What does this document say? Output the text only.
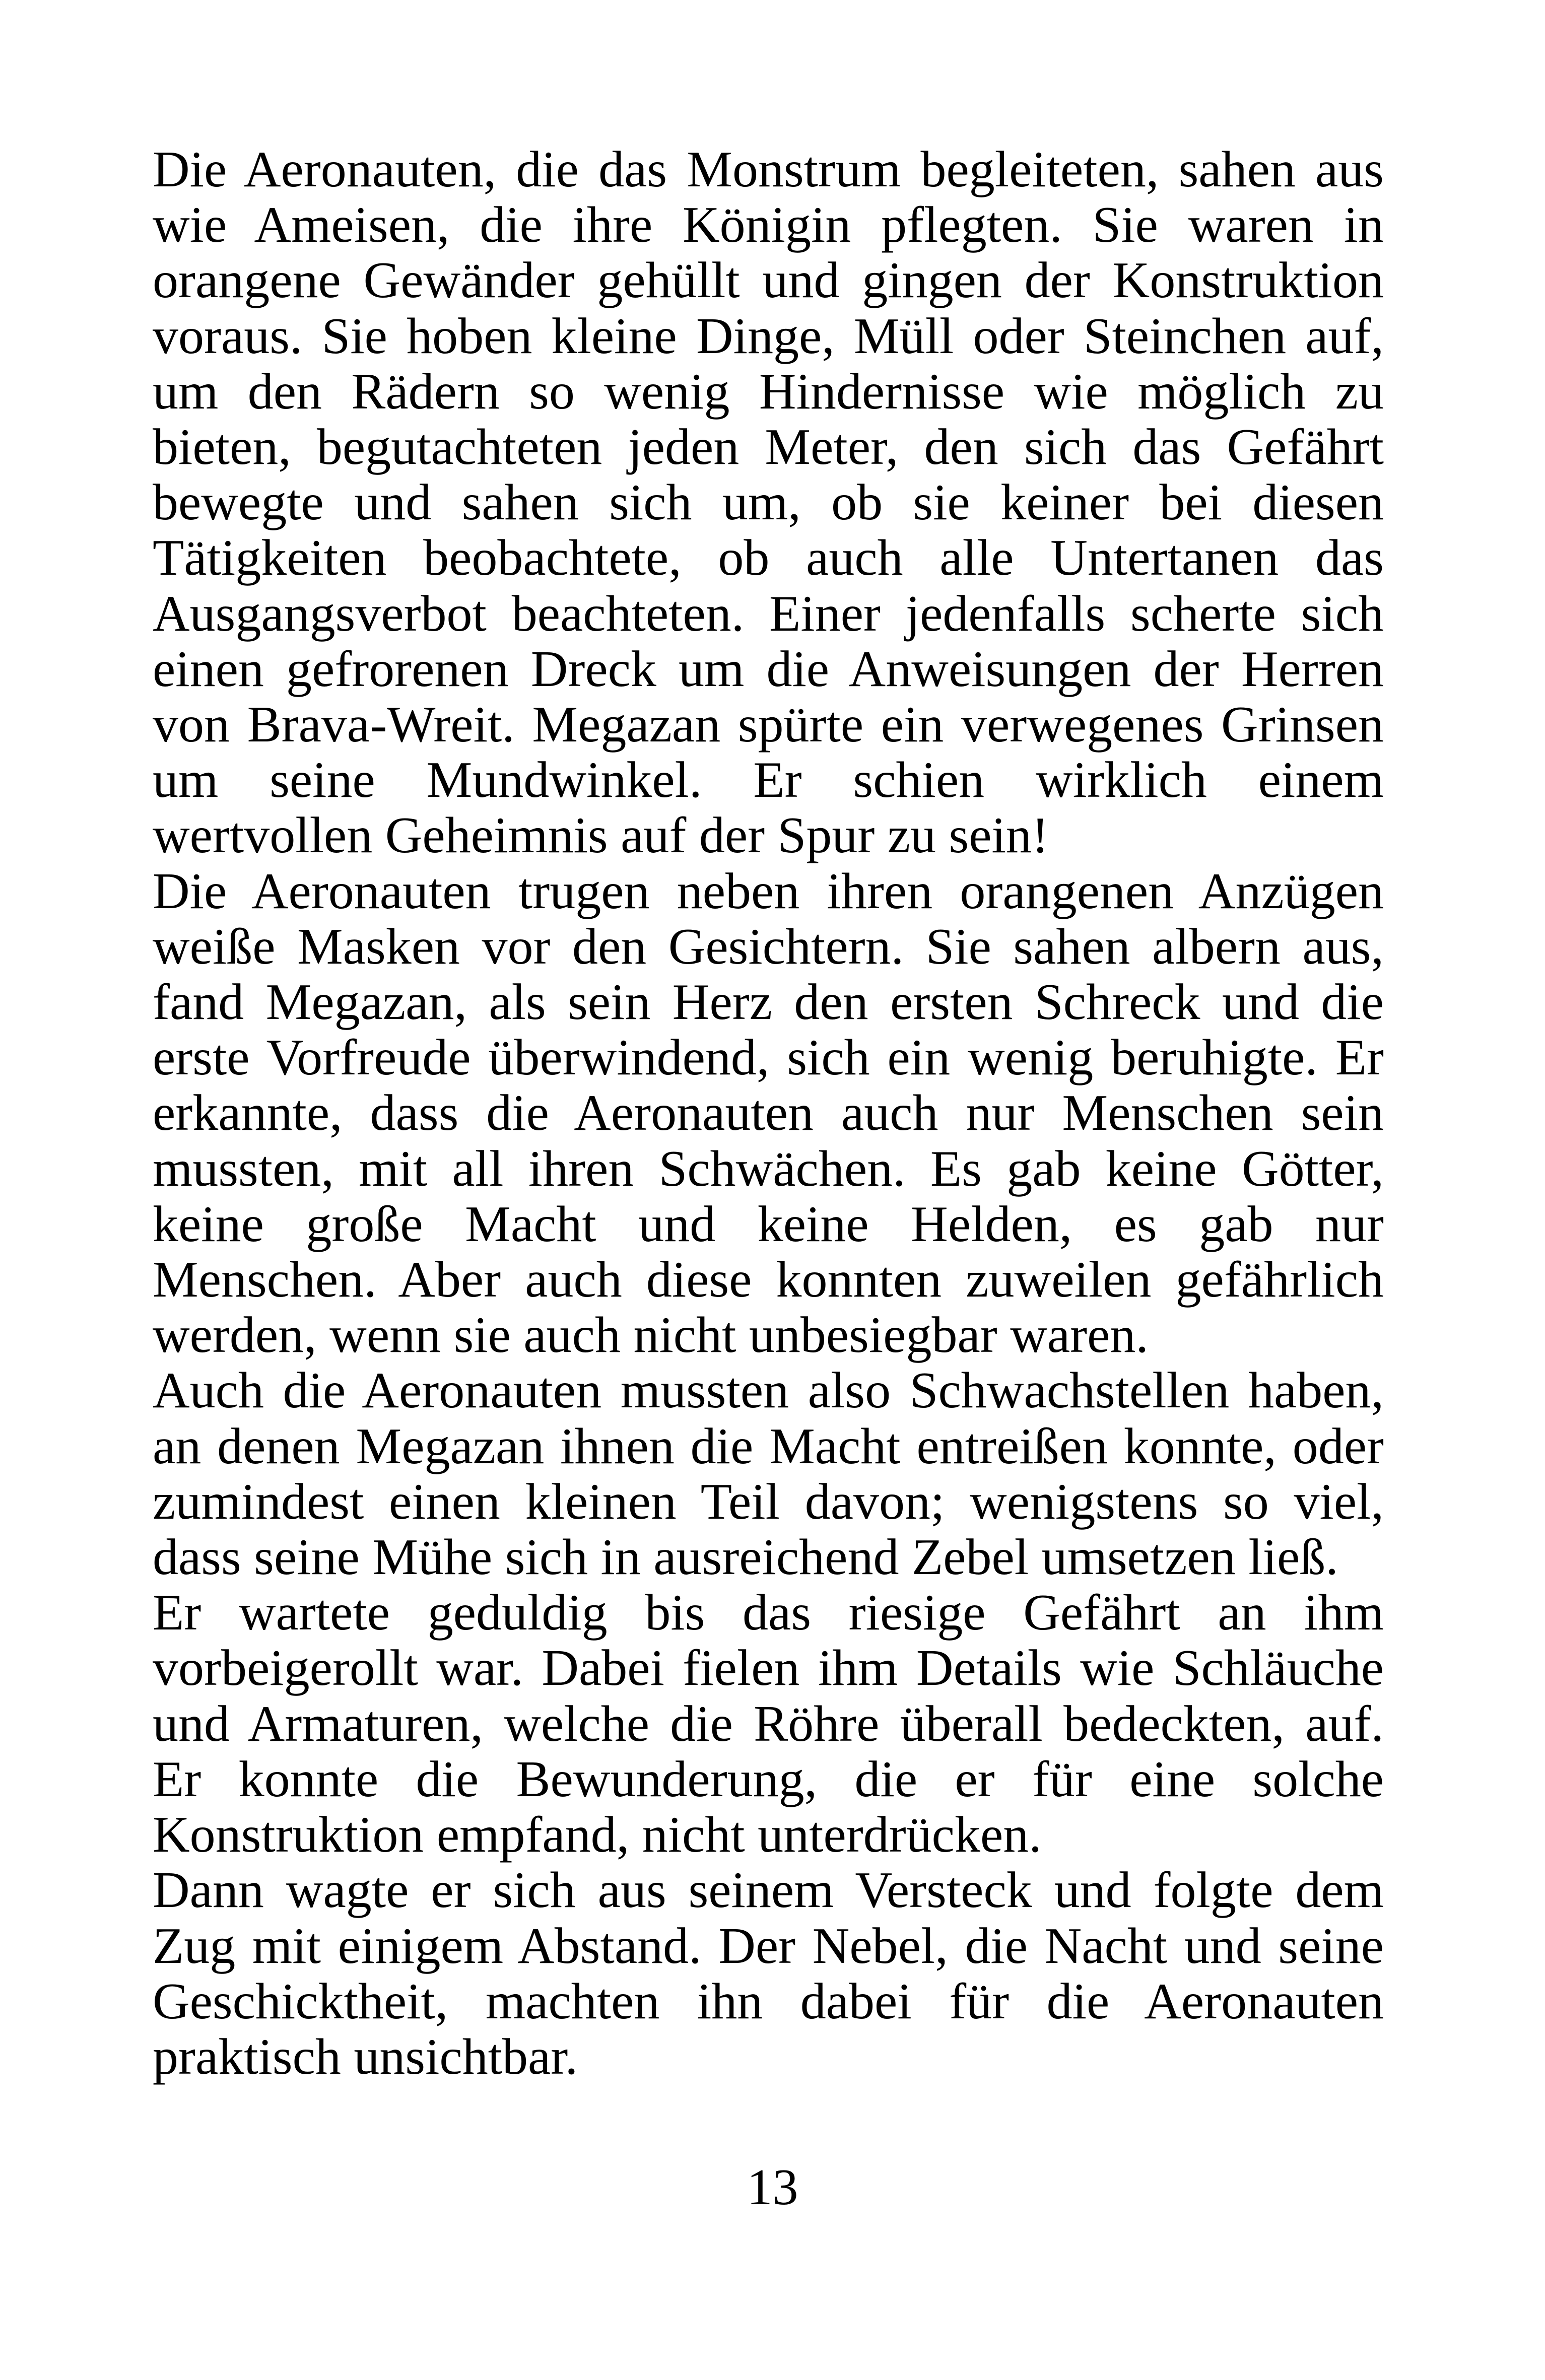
Die Aeronauten, die das Monstrum begleiteten, sahen aus wie Ameisen, die ihre Königin pflegten. Sie waren in orangene Gewänder gehüllt und gingen der Konstruktion voraus. Sie hoben kleine Dinge, Müll oder Steinchen auf, um den Rädern so wenig Hindernisse wie möglich zu bieten, begutachteten jeden Meter, den sich das Gefährt bewegte und sahen sich um, ob sie keiner bei diesen Tätigkeiten beobachtete, ob auch alle Untertanen das Ausgangsverbot beachteten. Einer jedenfalls scherte sich einen gefrorenen Dreck um die Anweisungen der Herren von Brava-Wreit. Megazan spürte ein verwegenes Grinsen um seine Mundwinkel. Er schien wirklich einem wertvollen Geheimnis auf der Spur zu sein!

Die Aeronauten trugen neben ihren orangenen Anzügen weiße Masken vor den Gesichtern. Sie sahen albern aus, fand Megazan, als sein Herz den ersten Schreck und die erste Vorfreude überwindend, sich ein wenig beruhigte. Er erkannte, dass die Aeronauten auch nur Menschen sein mussten, mit all ihren Schwächen. Es gab keine Götter, keine große Macht und keine Helden, es gab nur Menschen. Aber auch diese konnten zuweilen gefährlich werden, wenn sie auch nicht unbesiegbar waren.

Auch die Aeronauten mussten also Schwachstellen haben, an denen Megazan ihnen die Macht entreißen konnte, oder zumindest einen kleinen Teil davon; wenigstens so viel, dass seine Mühe sich in ausreichend Zebel umsetzen ließ.

Er wartete geduldig bis das riesige Gefährt an ihm vorbeigerollt war. Dabei fielen ihm Details wie Schläuche und Armaturen, welche die Röhre überall bedeckten, auf. Er konnte die Bewunderung, die er für eine solche Konstruktion empfand, nicht unterdrücken.

Dann wagte er sich aus seinem Versteck und folgte dem Zug mit einigem Abstand. Der Nebel, die Nacht und seine Geschicktheit, machten ihn dabei für die Aeronauten praktisch unsichtbar.

13
